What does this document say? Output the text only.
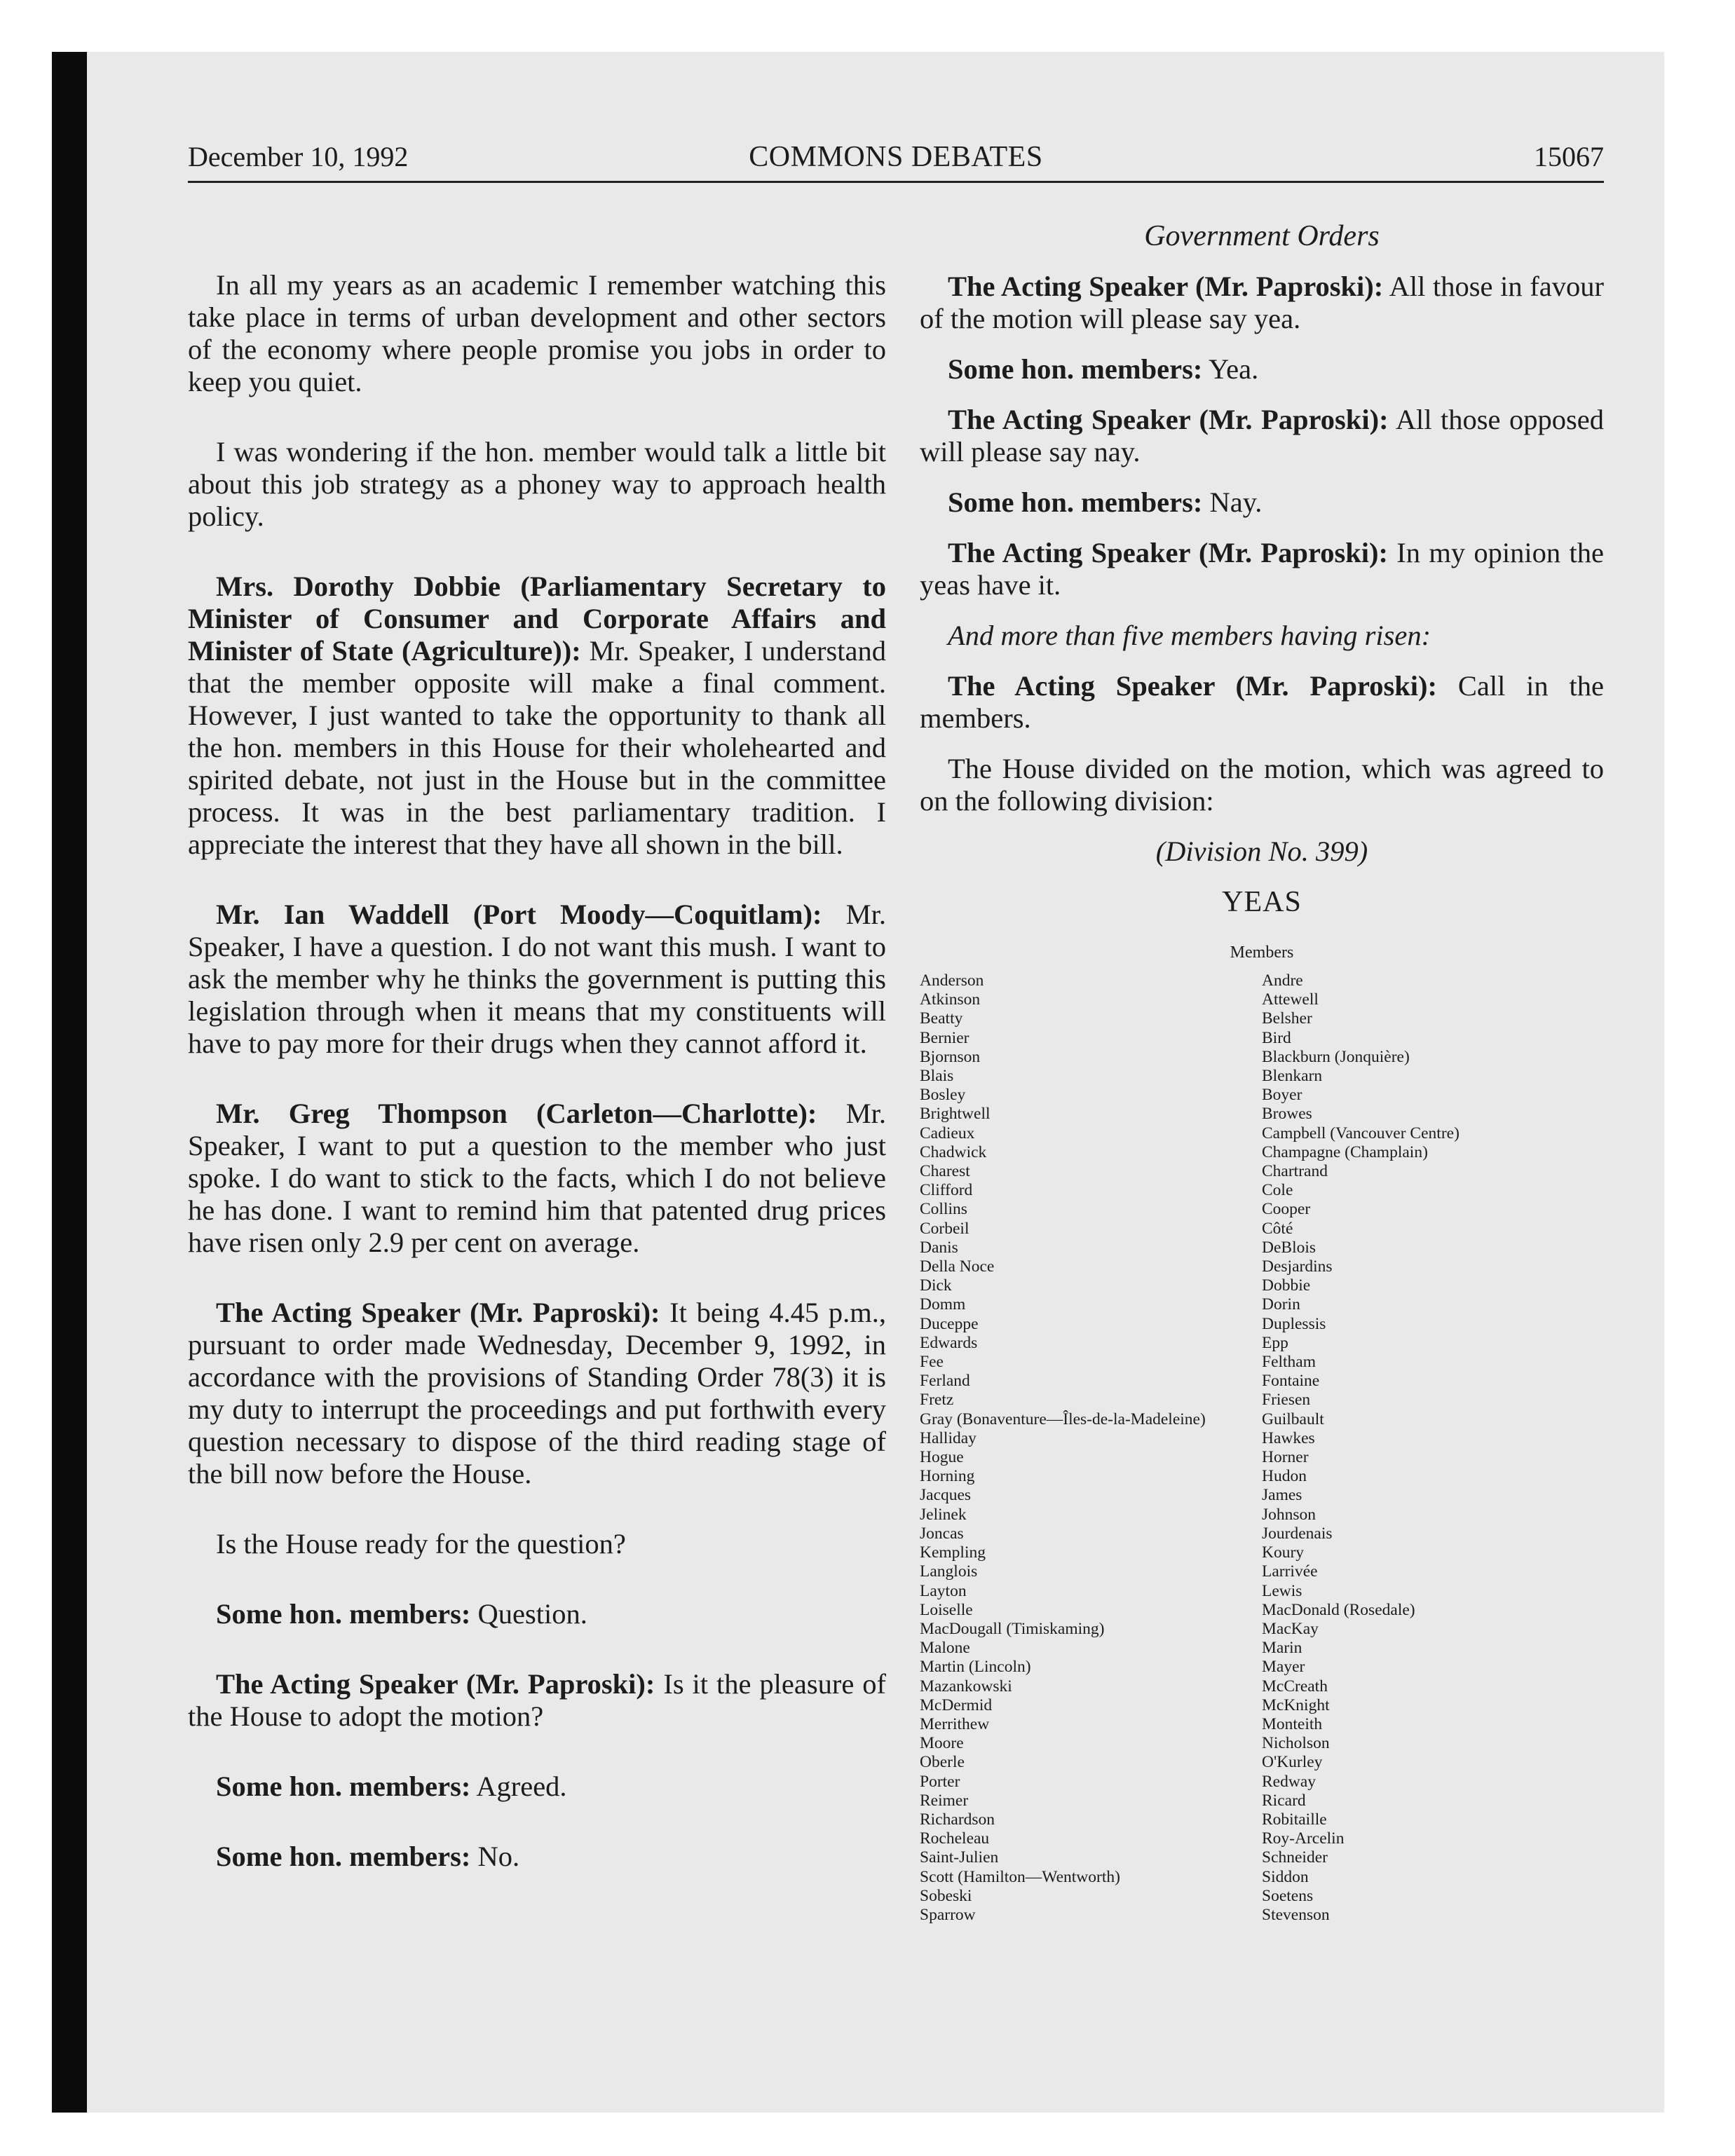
December 10, 1992	COMMONS DEBATES	15067

In all my years as an academic I remember watching this take place in terms of urban development and other sectors of the economy where people promise you jobs in order to keep you quiet.

I was wondering if the hon. member would talk a little bit about this job strategy as a phoney way to approach health policy.

Mrs. Dorothy Dobbie (Parliamentary Secretary to Minister of Consumer and Corporate Affairs and Minister of State (Agriculture)): Mr. Speaker, I understand that the member opposite will make a final comment. However, I just wanted to take the opportunity to thank all the hon. members in this House for their wholehearted and spirited debate, not just in the House but in the committee process. It was in the best parliamentary tradition. I appreciate the interest that they have all shown in the bill.

Mr. Ian Waddell (Port Moody—Coquitlam): Mr. Speaker, I have a question. I do not want this mush. I want to ask the member why he thinks the government is putting this legislation through when it means that my constituents will have to pay more for their drugs when they cannot afford it.

Mr. Greg Thompson (Carleton—Charlotte): Mr. Speaker, I want to put a question to the member who just spoke. I do want to stick to the facts, which I do not believe he has done. I want to remind him that patented drug prices have risen only 2.9 per cent on average.

The Acting Speaker (Mr. Paproski): It being 4.45 p.m., pursuant to order made Wednesday, December 9, 1992, in accordance with the provisions of Standing Order 78(3) it is my duty to interrupt the proceedings and put forthwith every question necessary to dispose of the third reading stage of the bill now before the House.

Is the House ready for the question?

Some hon. members: Question.

The Acting Speaker (Mr. Paproski): Is it the pleasure of the House to adopt the motion?

Some hon. members: Agreed.

Some hon. members: No.

Government Orders

The Acting Speaker (Mr. Paproski): All those in favour of the motion will please say yea.

Some hon. members: Yea.

The Acting Speaker (Mr. Paproski): All those opposed will please say nay.

Some hon. members: Nay.

The Acting Speaker (Mr. Paproski): In my opinion the yeas have it.

And more than five members having risen:

The Acting Speaker (Mr. Paproski): Call in the members.

The House divided on the motion, which was agreed to on the following division:

(Division No. 399)

YEAS

Members

Anderson
Atkinson
Beatty
Bernier
Bjornson
Blais
Bosley
Brightwell
Cadieux
Chadwick
Charest
Clifford
Collins
Corbeil
Danis
Della Noce
Dick
Domm
Duceppe
Edwards
Fee
Ferland
Fretz
Gray (Bonaventure—Îles-de-la-Madeleine)
Halliday
Hogue
Horning
Jacques
Jelinek
Joncas
Kempling
Langlois
Layton
Loiselle
MacDougall (Timiskaming)
Malone
Martin (Lincoln)
Mazankowski
McDermid
Merrithew
Moore
Oberle
Porter
Reimer
Richardson
Rocheleau
Saint-Julien
Scott (Hamilton—Wentworth)
Sobeski
Sparrow
Andre
Attewell
Belsher
Bird
Blackburn (Jonquière)
Blenkarn
Boyer
Browes
Campbell (Vancouver Centre)
Champagne (Champlain)
Chartrand
Cole
Cooper
Côté
DeBlois
Desjardins
Dobbie
Dorin
Duplessis
Epp
Feltham
Fontaine
Friesen
Guilbault
Hawkes
Horner
Hudon
James
Johnson
Jourdenais
Koury
Larrivée
Lewis
MacDonald (Rosedale)
MacKay
Marin
Mayer
McCreath
McKnight
Monteith
Nicholson
O'Kurley
Redway
Ricard
Robitaille
Roy-Arcelin
Schneider
Siddon
Soetens
Stevenson
